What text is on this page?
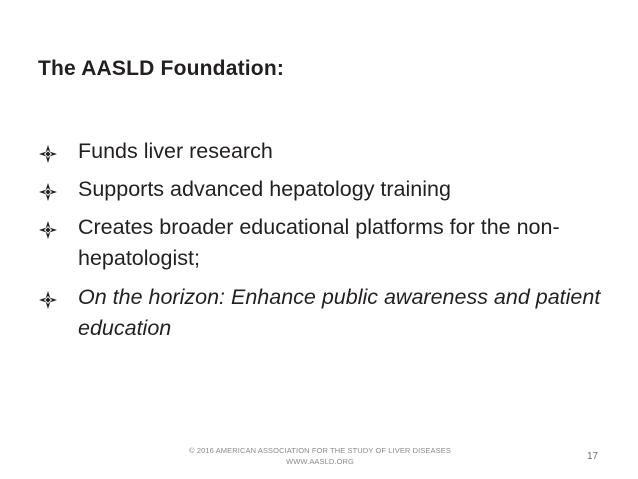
The AASLD Foundation:
Funds liver research
Supports advanced hepatology training
Creates broader educational platforms for the non-hepatologist;
On the horizon: Enhance public awareness and patient education
© 2016 AMERICAN ASSOCIATION FOR THE STUDY OF LIVER DISEASES
WWW.AASLD.ORG	17
